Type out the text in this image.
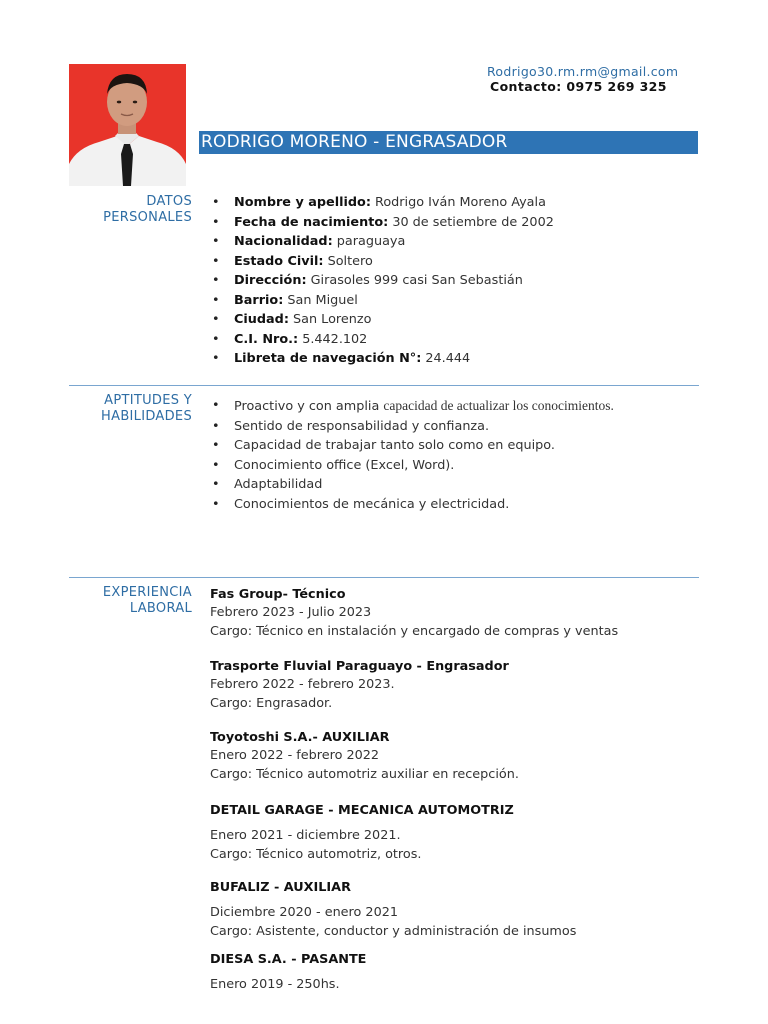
Rodrigo30.rm.rm@gmail.com
Contacto: 0975 269 325
RODRIGO MORENO - ENGRASADOR
DATOS
PERSONALES
• Nombre y apellido: Rodrigo Iván Moreno Ayala
• Fecha de nacimiento: 30 de setiembre de 2002
• Nacionalidad: paraguaya
• Estado Civil: Soltero
• Dirección: Girasoles 999 casi San Sebastián
• Barrio: San Miguel
• Ciudad: San Lorenzo
• C.I. Nro.: 5.442.102
• Libreta de navegación N°: 24.444
APTITUDES Y
HABILIDADES
• Proactivo y con amplia capacidad de actualizar los conocimientos.
• Sentido de responsabilidad y confianza.
• Capacidad de trabajar tanto solo como en equipo.
• Conocimiento office (Excel, Word).
• Adaptabilidad
• Conocimientos de mecánica y electricidad.
EXPERIENCIA
LABORAL
Fas Group- Técnico
Febrero 2023 - Julio 2023
Cargo: Técnico en instalación y encargado de compras y ventas
Trasporte Fluvial Paraguayo - Engrasador
Febrero 2022 - febrero 2023.
Cargo: Engrasador.
Toyotoshi S.A.- AUXILIAR
Enero 2022 - febrero 2022
Cargo: Técnico automotriz auxiliar en recepción.
DETAIL GARAGE - MECANICA AUTOMOTRIZ
Enero 2021 - diciembre 2021.
Cargo: Técnico automotriz, otros.
BUFALIZ - AUXILIAR
Diciembre 2020 - enero 2021
Cargo: Asistente, conductor y administración de insumos
DIESA S.A. - PASANTE
Enero 2019 - 250hs.
